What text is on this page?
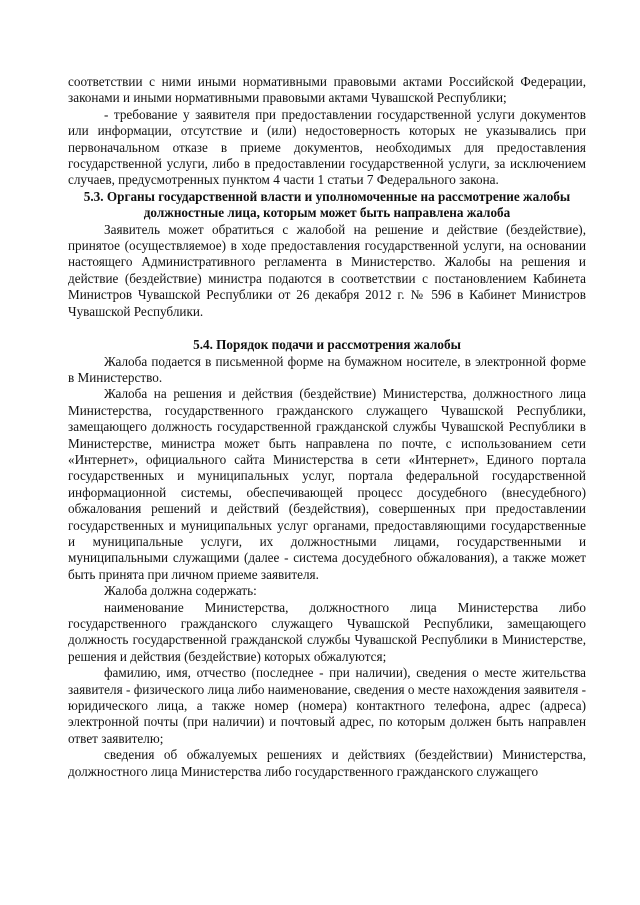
соответствии с ними иными нормативными правовыми актами Российской Федерации, законами и иными нормативными правовыми актами Чувашской Республики;

- требование у заявителя при предоставлении государственной услуги документов или информации, отсутствие и (или) недостоверность которых не указывались при первоначальном отказе в приеме документов, необходимых для предоставления государственной услуги, либо в предоставлении государственной услуги, за исключением случаев, предусмотренных пунктом 4 части 1 статьи 7 Федерального закона.

5.3. Органы государственной власти и уполномоченные на рассмотрение жалобы должностные лица, которым может быть направлена жалоба

Заявитель может обратиться с жалобой на решение и действие (бездействие), принятое (осуществляемое) в ходе предоставления государственной услуги, на основании настоящего Административного регламента в Министерство. Жалобы на решения и действие (бездействие) министра подаются в соответствии с постановлением Кабинета Министров Чувашской Республики от 26 декабря 2012 г. № 596 в Кабинет Министров Чувашской Республики.

5.4. Порядок подачи и рассмотрения жалобы

Жалоба подается в письменной форме на бумажном носителе, в электронной форме в Министерство.

Жалоба на решения и действия (бездействие) Министерства, должностного лица Министерства, государственного гражданского служащего Чувашской Республики, замещающего должность государственной гражданской службы Чувашской Республики в Министерстве, министра может быть направлена по почте, с использованием сети «Интернет», официального сайта Министерства в сети «Интернет», Единого портала государственных и муниципальных услуг, портала федеральной государственной информационной системы, обеспечивающей процесс досудебного (внесудебного) обжалования решений и действий (бездействия), совершенных при предоставлении государственных и муниципальных услуг органами, предоставляющими государственные и муниципальные услуги, их должностными лицами, государственными и муниципальными служащими (далее - система досудебного обжалования), а также может быть принята при личном приеме заявителя.

Жалоба должна содержать:

наименование Министерства, должностного лица Министерства либо государственного гражданского служащего Чувашской Республики, замещающего должность государственной гражданской службы Чувашской Республики в Министерстве, решения и действия (бездействие) которых обжалуются;

фамилию, имя, отчество (последнее - при наличии), сведения о месте жительства заявителя - физического лица либо наименование, сведения о месте нахождения заявителя - юридического лица, а также номер (номера) контактного телефона, адрес (адреса) электронной почты (при наличии) и почтовый адрес, по которым должен быть направлен ответ заявителю;

сведения об обжалуемых решениях и действиях (бездействии) Министерства, должностного лица Министерства либо государственного гражданского служащего
